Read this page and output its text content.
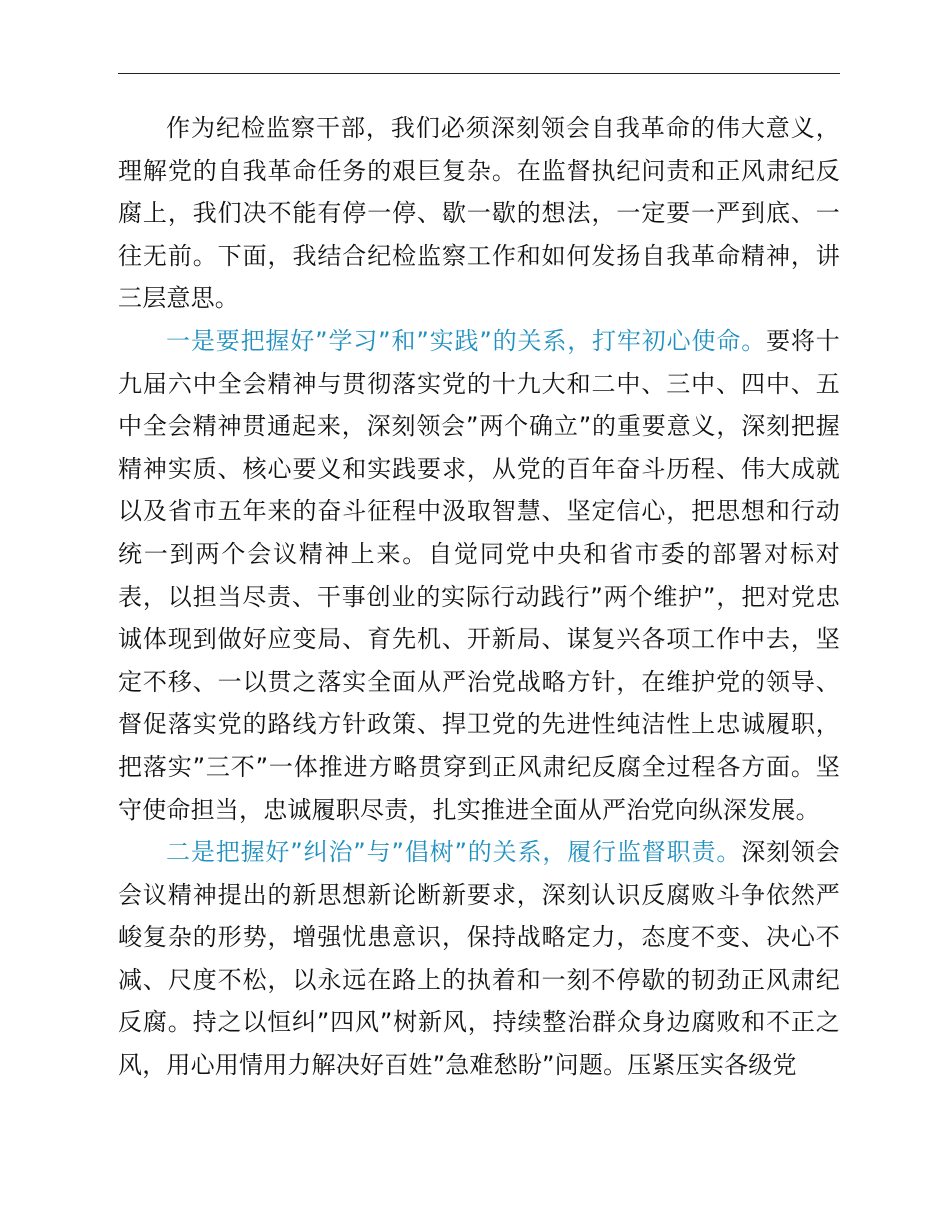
作为纪检监察干部，我们必须深刻领会自我革命的伟大意义，理解党的自我革命任务的艰巨复杂。在监督执纪问责和正风肃纪反腐上，我们决不能有停一停、歇一歇的想法，一定要一严到底、一往无前。下面，我结合纪检监察工作和如何发扬自我革命精神，讲三层意思。

一是要把握好”学习”和”实践”的关系，打牢初心使命。要将十九届六中全会精神与贯彻落实党的十九大和二中、三中、四中、五中全会精神贯通起来，深刻领会”两个确立”的重要意义，深刻把握精神实质、核心要义和实践要求，从党的百年奋斗历程、伟大成就以及省市五年来的奋斗征程中汲取智慧、坚定信心，把思想和行动统一到两个会议精神上来。自觉同党中央和省市委的部署对标对表，以担当尽责、干事创业的实际行动践行”两个维护”，把对党忠诚体现到做好应变局、育先机、开新局、谋复兴各项工作中去，坚定不移、一以贯之落实全面从严治党战略方针，在维护党的领导、督促落实党的路线方针政策、捍卫党的先进性纯洁性上忠诚履职，把落实”三不”一体推进方略贯穿到正风肃纪反腐全过程各方面。坚守使命担当，忠诚履职尽责，扎实推进全面从严治党向纵深发展。

二是把握好”纠治”与”倡树”的关系，履行监督职责。深刻领会会议精神提出的新思想新论断新要求，深刻认识反腐败斗争依然严峻复杂的形势，增强忧患意识，保持战略定力，态度不变、决心不减、尺度不松，以永远在路上的执着和一刻不停歇的韧劲正风肃纪反腐。持之以恒纠”四风”树新风，持续整治群众身边腐败和不正之风，用心用情用力解决好百姓”急难愁盼”问题。压紧压实各级党
